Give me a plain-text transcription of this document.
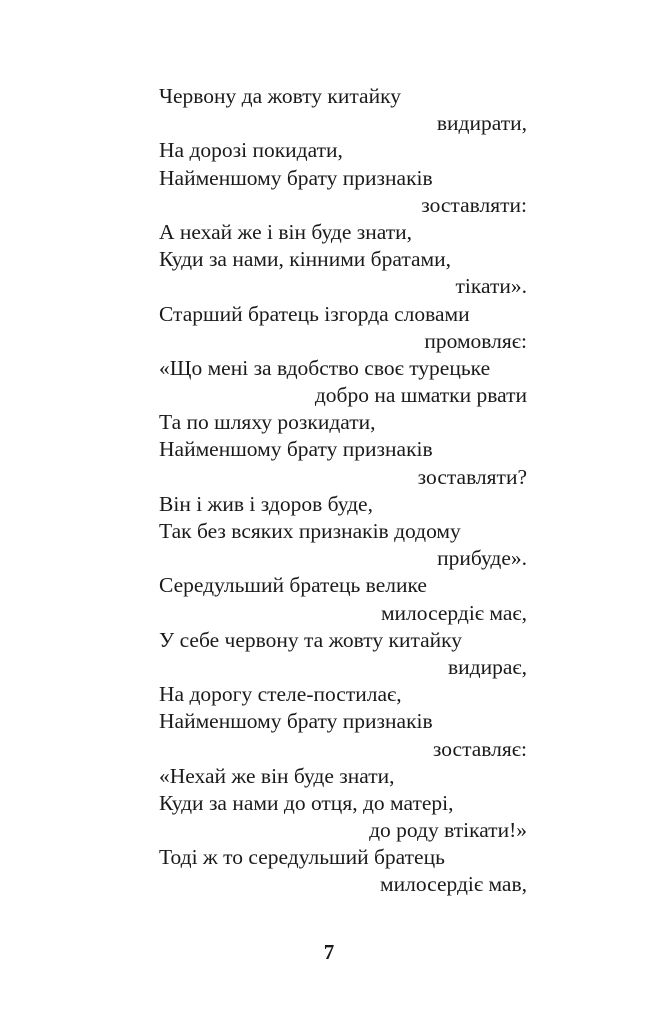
Червону да жовту китайку
видирати,
На дорозі покидати,
Найменшому брату признаків
зоставляти:
А нехай же і він буде знати,
Куди за нами, кінними братами,
тікати».
Старший братець ізгорда словами
промовляє:
«Що мені за вдобство своє турецьке
добро на шматки рвати
Та по шляху розкидати,
Найменшому брату признаків
зоставляти?
Він і жив і здоров буде,
Так без всяких признаків додому
прибуде».
Середульший братець велике
милосердіє має,
У себе червону та жовту китайку
видирає,
На дорогу стеле-постилає,
Найменшому брату признаків
зоставляє:
«Нехай же він буде знати,
Куди за нами до отця, до матері,
до роду втікати!»
Тоді ж то середульший братець
милосердіє мав,
7
